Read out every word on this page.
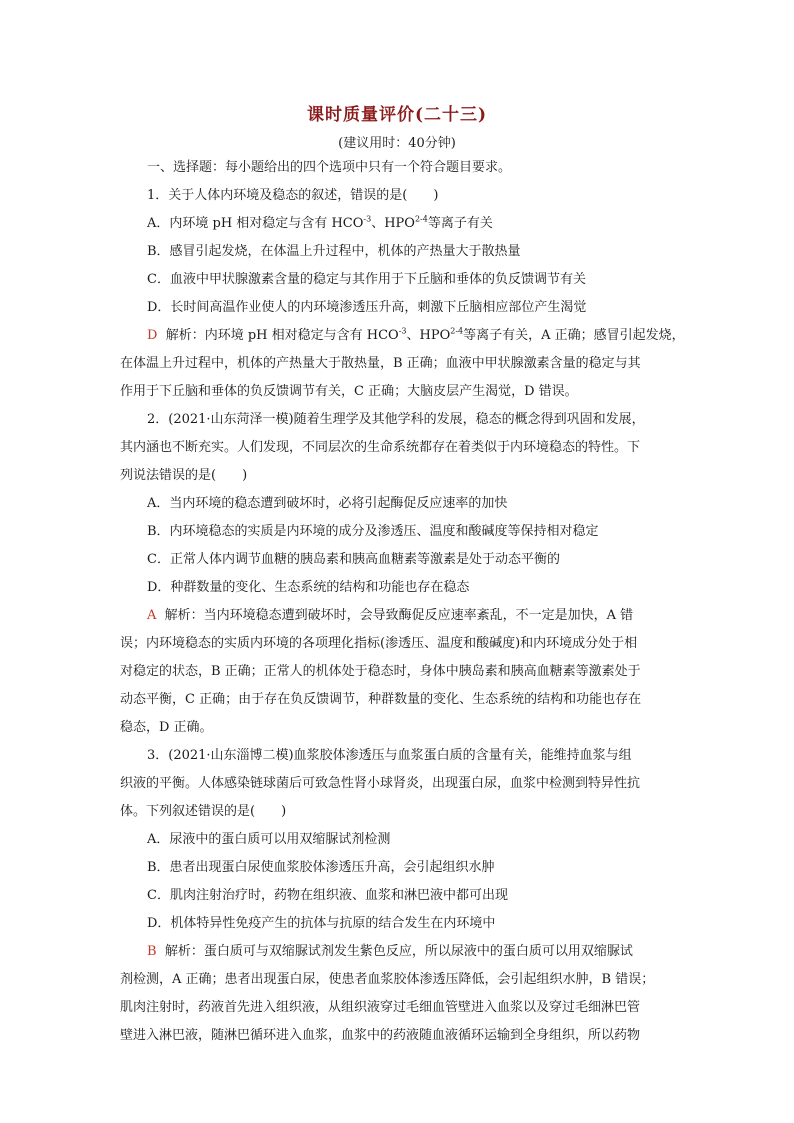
课时质量评价(二十三)
(建议用时：40分钟)
一、选择题：每小题给出的四个选项中只有一个符合题目要求。
1．关于人体内环境及稳态的叙述，错误的是(　　)
A．内环境 pH 相对稳定与含有 $HCO^{-3}$、HPO$^{2-4}$等离子有关
B．感冒引起发烧，在体温上升过程中，机体的产热量大于散热量
C．血液中甲状腺激素含量的稳定与其作用于下丘脑和垂体的负反馈调节有关
D．长时间高温作业使人的内环境渗透压升高，刺激下丘脑相应部位产生渴觉
D 解析：内环境 pH 相对稳定与含有 $HCO^{-3}$、HPO$^{2-4}$等离子有关，A 正确；感冒引起发烧，
在体温上升过程中，机体的产热量大于散热量，B 正确；血液中甲状腺激素含量的稳定与其
作用于下丘脑和垂体的负反馈调节有关，C 正确；大脑皮层产生渴觉，D 错误。
2．(2021·山东菏泽一模)随着生理学及其他学科的发展，稳态的概念得到巩固和发展，
其内涵也不断充实。人们发现，不同层次的生命系统都存在着类似于内环境稳态的特性。下
列说法错误的是(　　)
A．当内环境的稳态遭到破坏时，必将引起酶促反应速率的加快
B．内环境稳态的实质是内环境的成分及渗透压、温度和酸碱度等保持相对稳定
C．正常人体内调节血糖的胰岛素和胰高血糖素等激素是处于动态平衡的
D．种群数量的变化、生态系统的结构和功能也存在稳态
A 解析：当内环境稳态遭到破坏时，会导致酶促反应速率紊乱，不一定是加快，A 错
误；内环境稳态的实质内环境的各项理化指标(渗透压、温度和酸碱度)和内环境成分处于相
对稳定的状态，B 正确；正常人的机体处于稳态时，身体中胰岛素和胰高血糖素等激素处于
动态平衡，C 正确；由于存在负反馈调节，种群数量的变化、生态系统的结构和功能也存在
稳态，D 正确。
3．(2021·山东淄博二模)血浆胶体渗透压与血浆蛋白质的含量有关，能维持血浆与组
织液的平衡。人体感染链球菌后可致急性肾小球肾炎，出现蛋白尿，血浆中检测到特异性抗
体。下列叙述错误的是(　　)
A．尿液中的蛋白质可以用双缩脲试剂检测
B．患者出现蛋白尿使血浆胶体渗透压升高，会引起组织水肿
C．肌肉注射治疗时，药物在组织液、血浆和淋巴液中都可出现
D．机体特异性免疫产生的抗体与抗原的结合发生在内环境中
B 解析：蛋白质可与双缩脲试剂发生紫色反应，所以尿液中的蛋白质可以用双缩脲试
剂检测，A 正确；患者出现蛋白尿，使患者血浆胶体渗透压降低，会引起组织水肿，B 错误；
肌肉注射时，药液首先进入组织液，从组织液穿过毛细血管壁进入血浆以及穿过毛细淋巴管
壁进入淋巴液，随淋巴循环进入血浆，血浆中的药液随血液循环运输到全身组织，所以药物
